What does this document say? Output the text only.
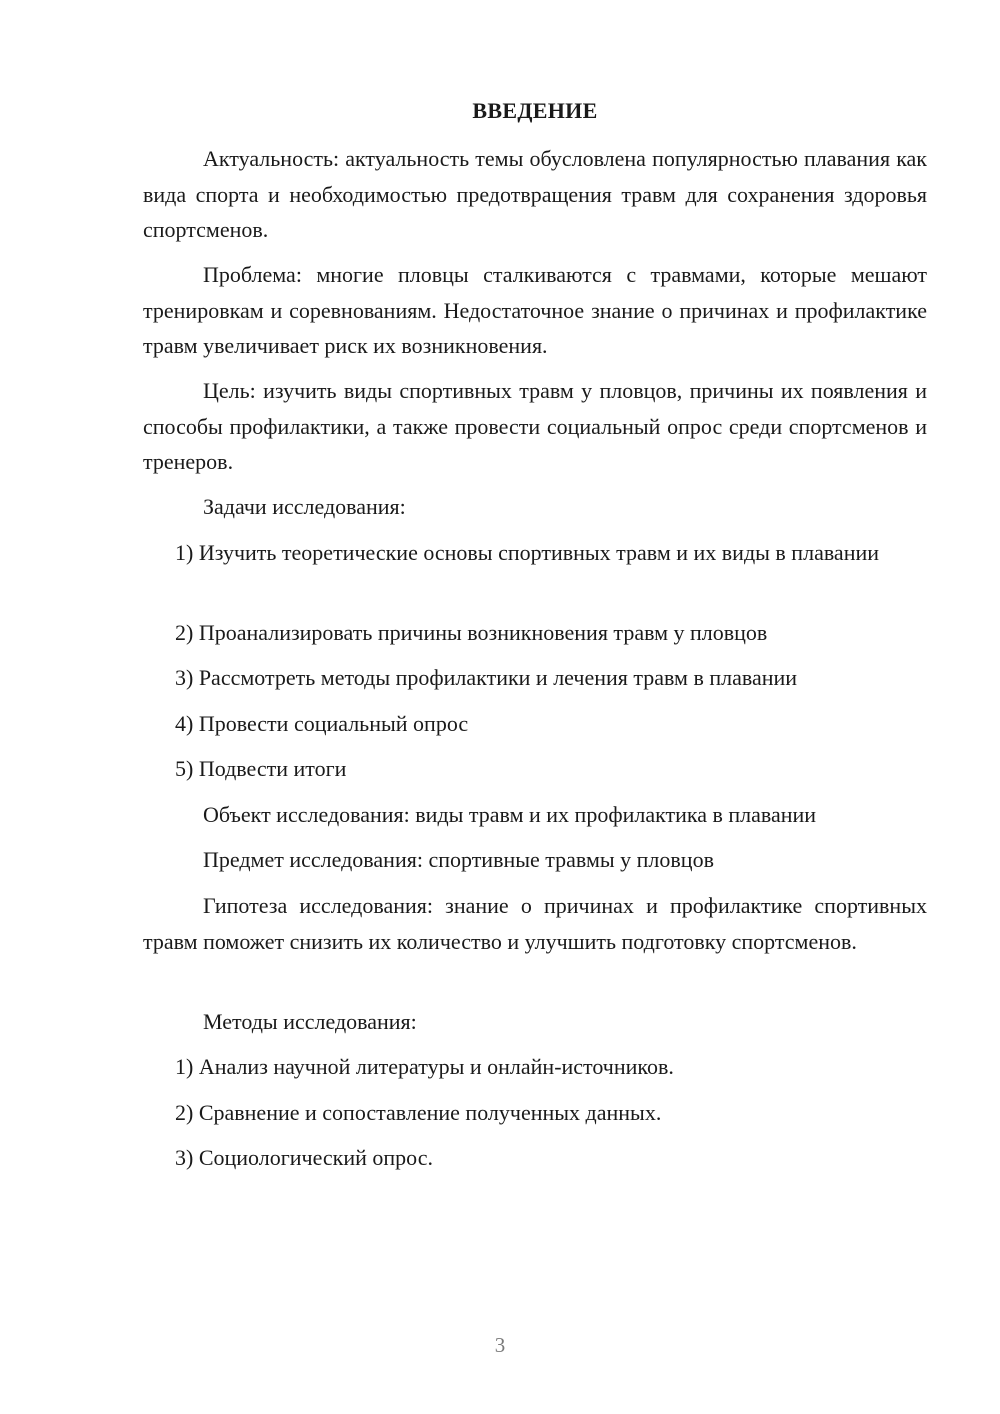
ВВЕДЕНИЕ

Актуальность: актуальность темы обусловлена популярностью плавания как вида спорта и необходимостью предотвращения травм для сохранения здоровья спортсменов.

Проблема: многие пловцы сталкиваются с травмами, которые мешают тренировкам и соревнованиям. Недостаточное знание о причинах и профилактике травм увеличивает риск их возникновения.

Цель: изучить виды спортивных травм у пловцов, причины их появления и способы профилактики, а также провести социальный опрос среди спортсменов и тренеров.

Задачи исследования:

1) Изучить теоретические основы спортивных травм и их виды в плавании

2) Проанализировать причины возникновения травм у пловцов
3) Рассмотреть методы профилактики и лечения травм в плавании
4) Провести социальный опрос
5) Подвести итоги
Объект исследования: виды травм и их профилактика в плавании
Предмет исследования: спортивные травмы у пловцов

Гипотеза исследования: знание о причинах и профилактике спортивных травм поможет снизить их количество и улучшить подготовку спортсменов.

Методы исследования:
1) Анализ научной литературы и онлайн-источников.
2) Сравнение и сопоставление полученных данных.
3) Социологический опрос.
3
